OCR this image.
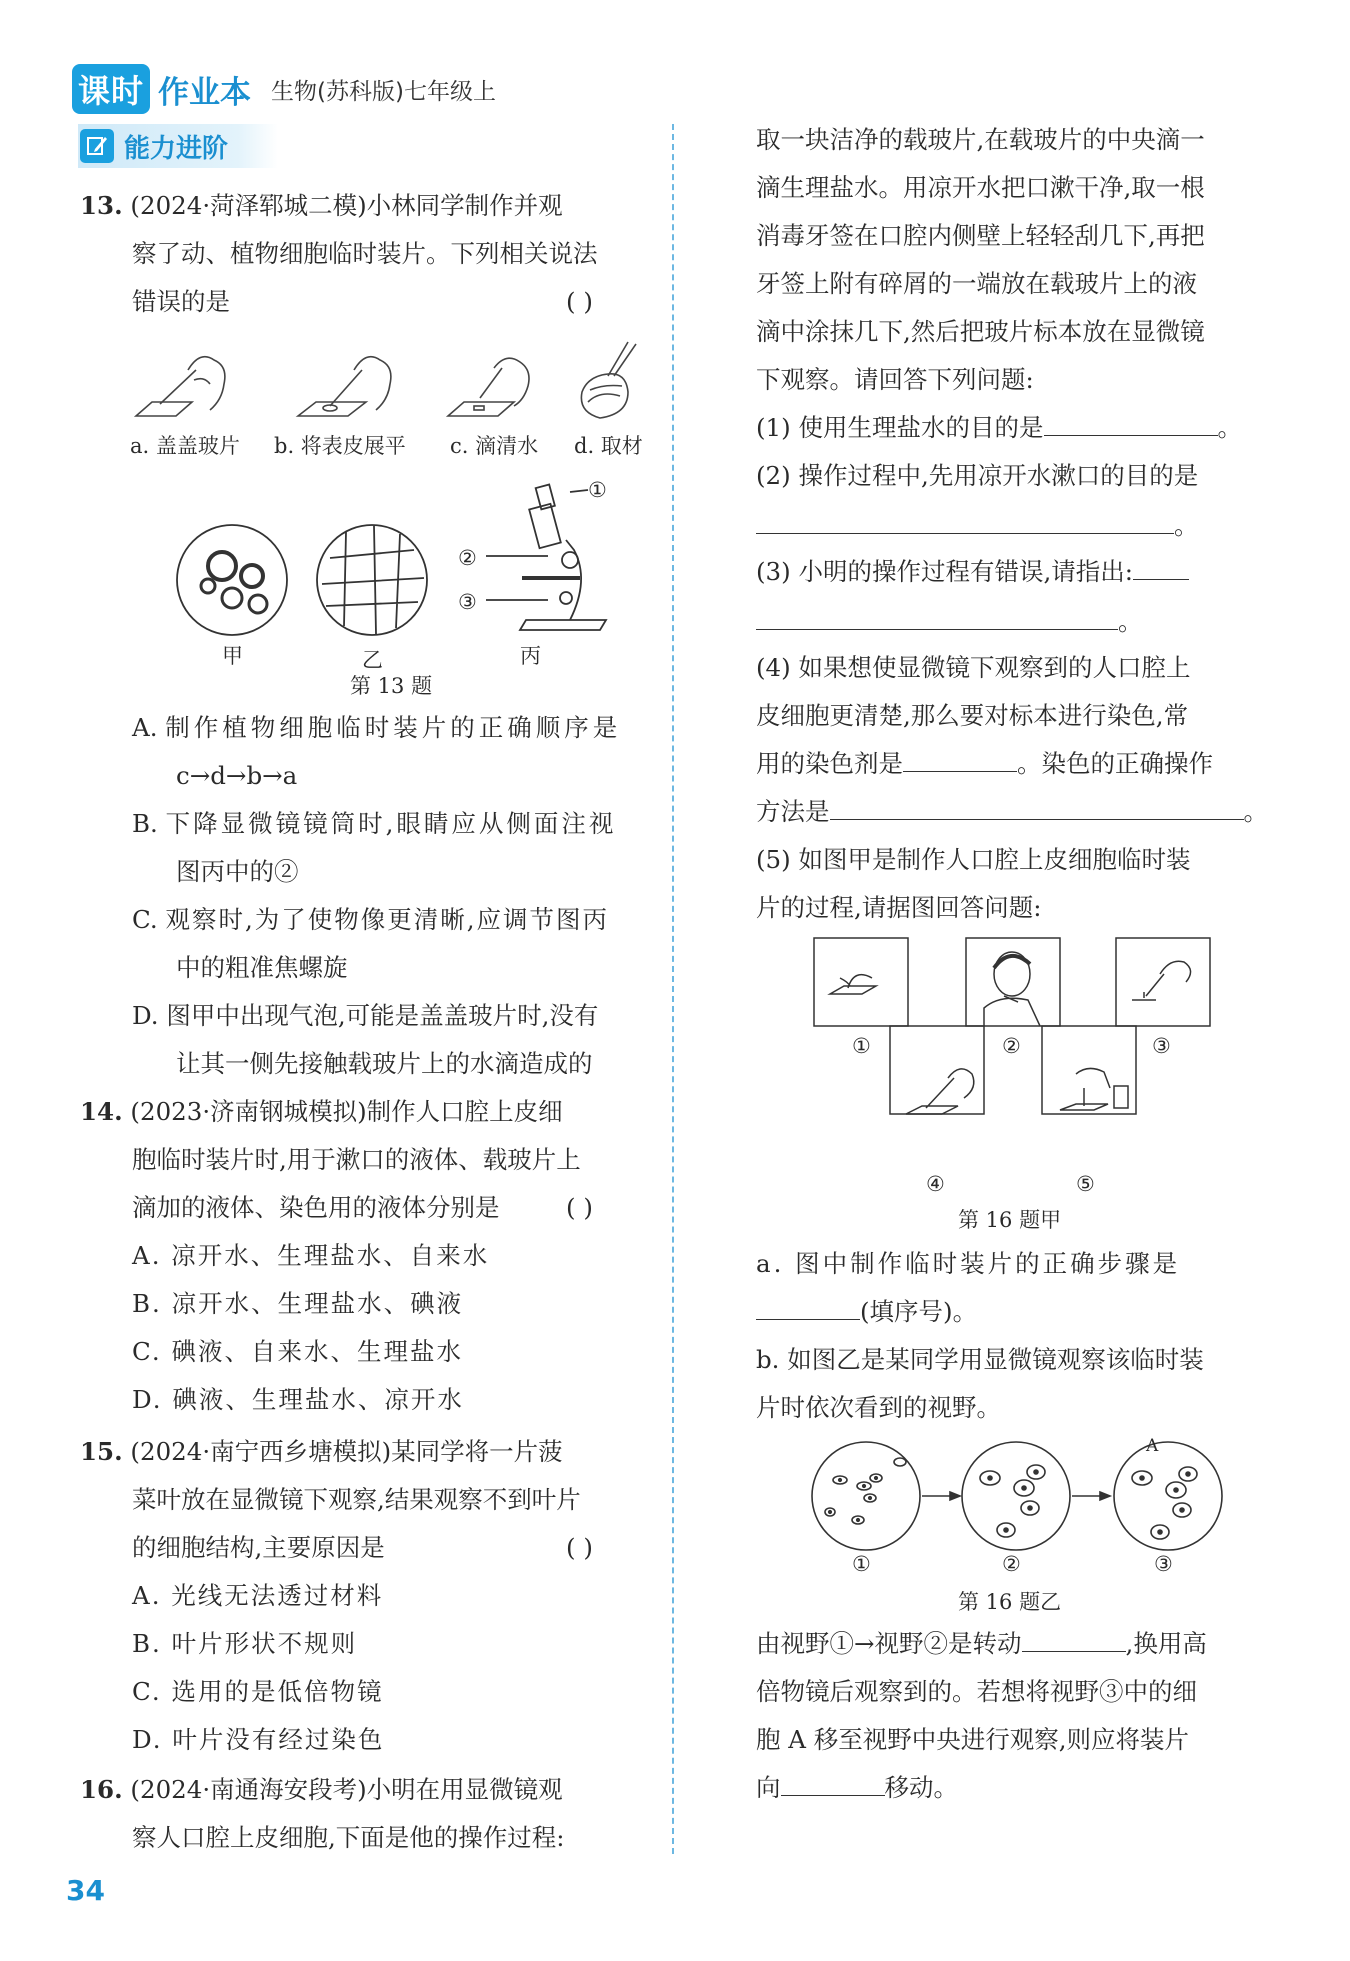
课时 作业本 生物(苏科版)七年级上
能力进阶
13. (2024·菏泽郓城二模)小林同学制作并观
察了动、植物细胞临时装片。下列相关说法
错误的是	( )
a. 盖盖玻片 b. 将表皮展平 c. 滴清水 d. 取材
①
②
③
甲	乙	丙
第 13 题
A. 制作植物细胞临时装片的正确顺序是
c→d→b→a
B. 下降显微镜镜筒时,眼睛应从侧面注视
图丙中的②
C. 观察时,为了使物像更清晰,应调节图丙
中的粗准焦螺旋
D. 图甲中出现气泡,可能是盖盖玻片时,没有
让其一侧先接触载玻片上的水滴造成的
14. (2023·济南钢城模拟)制作人口腔上皮细
胞临时装片时,用于漱口的液体、载玻片上
滴加的液体、染色用的液体分别是	( )
A. 凉开水、生理盐水、自来水
B. 凉开水、生理盐水、碘液
C. 碘液、自来水、生理盐水
D. 碘液、生理盐水、凉开水
15. (2024·南宁西乡塘模拟)某同学将一片菠
菜叶放在显微镜下观察,结果观察不到叶片
的细胞结构,主要原因是	( )
A. 光线无法透过材料
B. 叶片形状不规则
C. 选用的是低倍物镜
D. 叶片没有经过染色
16. (2024·南通海安段考)小明在用显微镜观
察人口腔上皮细胞,下面是他的操作过程:
34
取一块洁净的载玻片,在载玻片的中央滴一
滴生理盐水。用凉开水把口漱干净,取一根
消毒牙签在口腔内侧壁上轻轻刮几下,再把
牙签上附有碎屑的一端放在载玻片上的液
滴中涂抹几下,然后把玻片标本放在显微镜
下观察。请回答下列问题:
(1) 使用生理盐水的目的是	。
(2) 操作过程中,先用凉开水漱口的目的是
。
(3) 小明的操作过程有错误,请指出:
。
(4) 如果想使显微镜下观察到的人口腔上
皮细胞更清楚,那么要对标本进行染色,常
用的染色剂是	。染色的正确操作
方法是	。
(5) 如图甲是制作人口腔上皮细胞临时装
片的过程,请据图回答问题:
①	②	③
④	⑤
第 16 题甲
a. 图中制作临时装片的正确步骤是
(填序号)。
b. 如图乙是某同学用显微镜观察该临时装
片时依次看到的视野。
A
①	②	③
第 16 题乙
由视野①→视野②是转动	,换用高
倍物镜后观察到的。若想将视野③中的细
胞 A 移至视野中央进行观察,则应将装片
向	移动。
